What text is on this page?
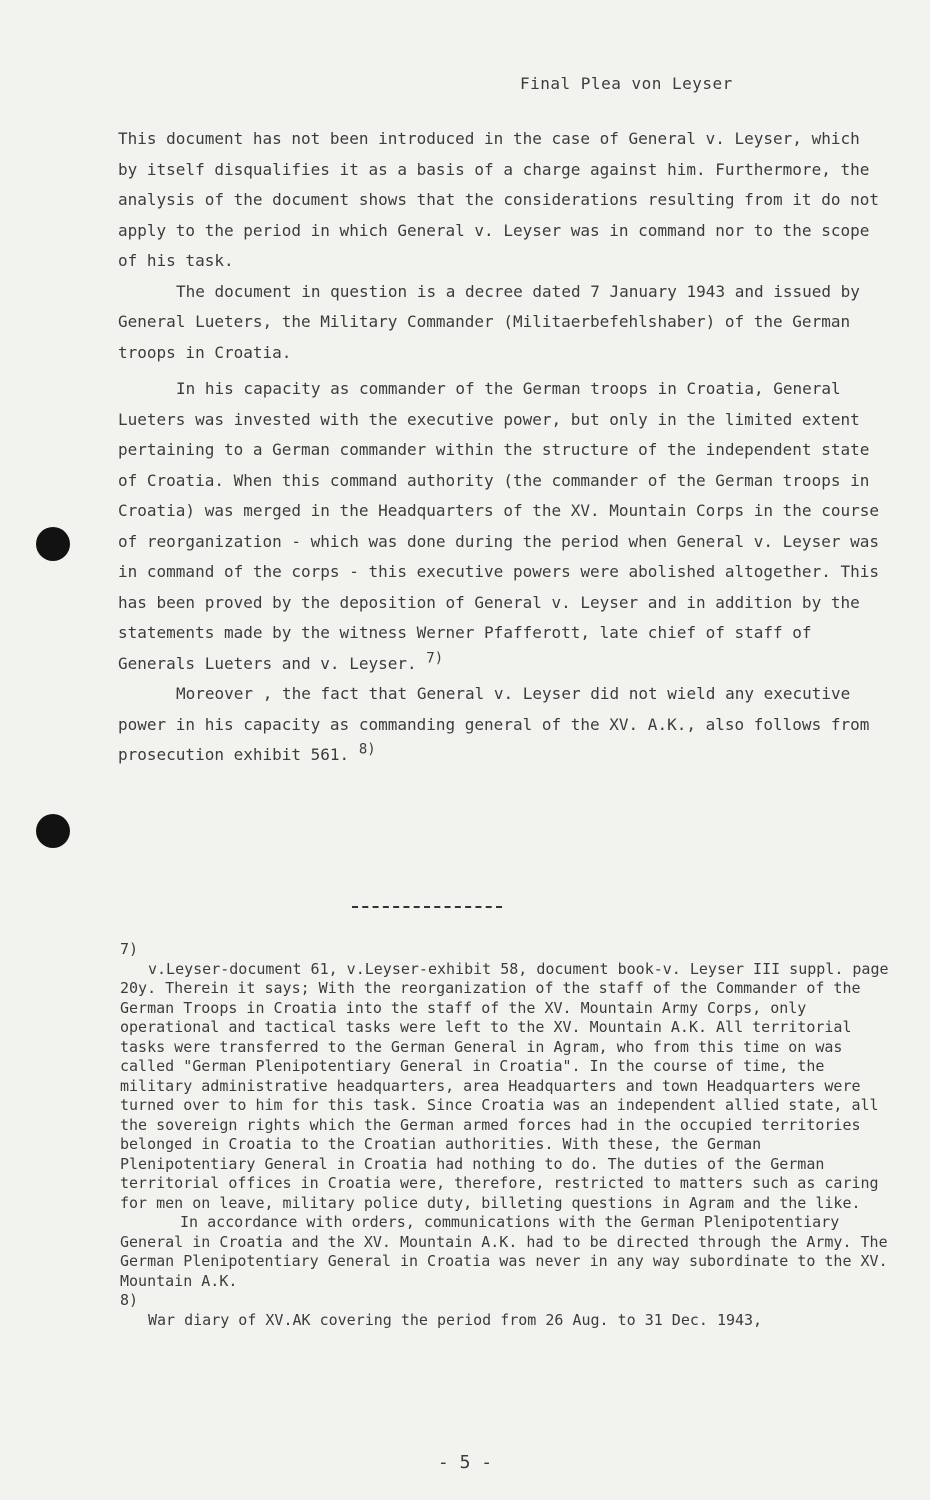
Final Plea von Leyser

This document has not been introduced in the case of General v. Leyser, which by itself disqualifies it as a basis of a charge against him. Furthermore, the analysis of the document shows that the considerations resulting from it do not apply to the period in which General v. Leyser was in command nor to the scope of his task.

The document in question is a decree dated 7 January 1943 and issued by General Lueters, the Military Commander (Militaerbefehlshaber) of the German troops in Croatia.

In his capacity as commander of the German troops in Croatia, General Lueters was invested with the executive power, but only in the limited extent pertaining to a German commander within the structure of the independent state of Croatia. When this command authority (the commander of the German troops in Croatia) was merged in the Headquarters of the XV. Mountain Corps in the course of reorganization - which was done during the period when General v. Leyser was in command of the corps - this executive powers were abolished altogether. This has been proved by the deposition of General v. Leyser and in addition by the statements made by the witness Werner Pfafferott, late chief of staff of Generals Lueters and v. Leyser. 7)

Moreover , the fact that General v. Leyser did not wield any executive power in his capacity as commanding general of the XV. A.K., also follows from prosecution exhibit 561. 8)

7)

v.Leyser-document 61, v.Leyser-exhibit 58, document book-v. Leyser III suppl. page 20y. Therein it says; With the reorganization of the staff of the Commander of the German Troops in Croatia into the staff of the XV. Mountain Army Corps, only operational and tactical tasks were left to the XV. Mountain A.K. All territorial tasks were transferred to the German General in Agram, who from this time on was called "German Plenipotentiary General in Croatia". In the course of time, the military administrative headquarters, area Headquarters and town Headquarters were turned over to him for this task. Since Croatia was an independent allied state, all the sovereign rights which the German armed forces had in the occupied territories belonged in Croatia to the Croatian authorities. With these, the German Plenipotentiary General in Croatia had nothing to do. The duties of the German territorial offices in Croatia were, therefore, restricted to matters such as caring for men on leave, military police duty, billeting questions in Agram and the like.

In accordance with orders, communications with the German Plenipotentiary General in Croatia and the XV. Mountain A.K. had to be directed through the Army. The German Plenipotentiary General in Croatia was never in any way subordinate to the XV. Mountain A.K.

8)

War diary of XV.AK covering the period from 26 Aug. to 31 Dec. 1943,

- 5 -
